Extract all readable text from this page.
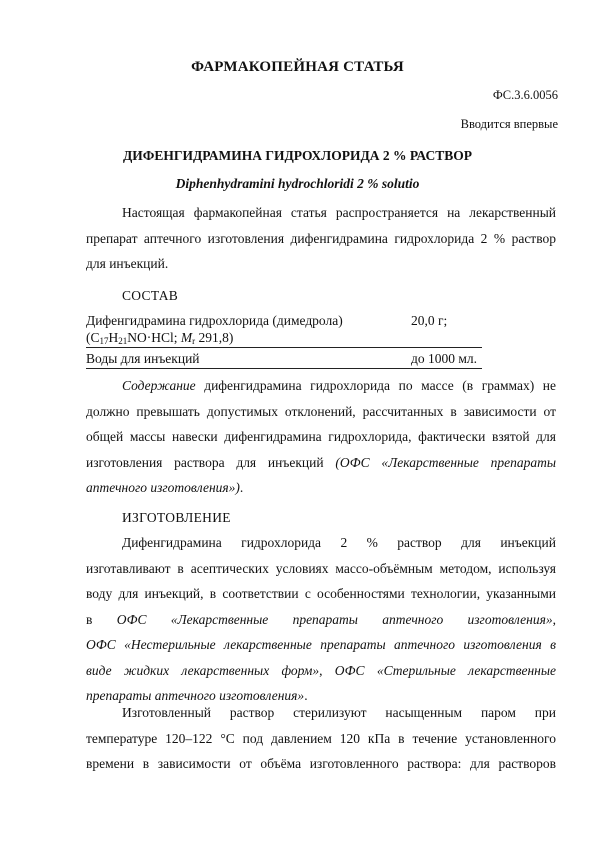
ФАРМАКОПЕЙНАЯ СТАТЬЯ
ФС.3.6.0056
Вводится впервые
ДИФЕНГИДРАМИНА ГИДРОХЛОРИДА 2 % РАСТВОР
Diphenhydramini hydrochloridi 2 % solutio

Настоящая фармакопейная статья распространяется на лекарственный
препарат аптечного изготовления дифенгидрамина гидрохлорида 2 % раствор
для инъекций.

СОСТАВ
Дифенгидрамина гидрохлорида (димедрола)
($C_{17}H_{21}NO\cdot HCl$; $M_r$ 291,8)
20,0 г;
Воды для инъекций	до 1000 мл.

Содержание дифенгидрамина гидрохлорида по массе (в граммах) не
должно превышать допустимых отклонений, рассчитанных в зависимости от
общей массы навески дифенгидрамина гидрохлорида, фактически взятой для
изготовления раствора для инъекций (ОФС «Лекарственные препараты
аптечного изготовления»).

ИЗГОТОВЛЕНИЕ

Дифенгидрамина гидрохлорида 2 % раствор для инъекций
изготавливают в асептических условиях массо-объёмным методом, используя
воду для инъекций, в соответствии с особенностями технологии, указанными
в ОФС «Лекарственные препараты аптечного изготовления»,
ОФС «Нестерильные лекарственные препараты аптечного изготовления в
виде жидких лекарственных форм», ОФС «Стерильные лекарственные
препараты аптечного изготовления».

Изготовленный раствор стерилизуют насыщенным паром при
температуре 120–122 °С под давлением 120 кПа в течение установленного
времени в зависимости от объёма изготовленного раствора: для растворов
